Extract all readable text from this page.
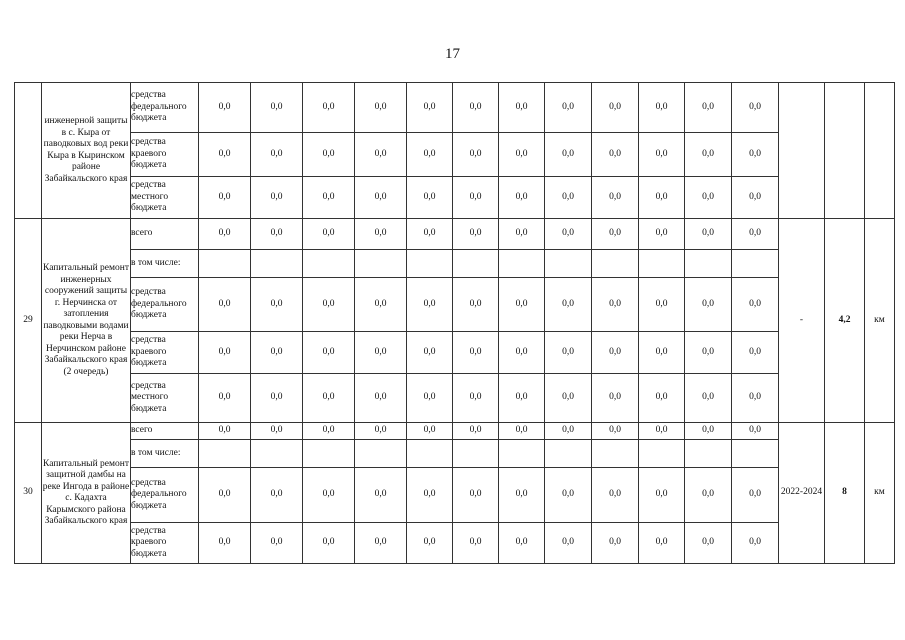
17
	инженерной защиты в с. Кыра от паводковых вод реки Кыра в Кыринском районе Забайкальского края	средства федерального бюджета	0,0	0,0	0,0	0,0	0,0	0,0	0,0	0,0	0,0	0,0	0,0	0,0			
		средства краевого бюджета	0,0	0,0	0,0	0,0	0,0	0,0	0,0	0,0	0,0	0,0	0,0	0,0			
		средства местного бюджета	0,0	0,0	0,0	0,0	0,0	0,0	0,0	0,0	0,0	0,0	0,0	0,0			
29	Капитальный ремонт инженерных сооружений защиты г. Нерчинска от затопления паводковыми водами реки Нерча в Нерчинском районе Забайкальского края (2 очередь)	всего	0,0	0,0	0,0	0,0	0,0	0,0	0,0	0,0	0,0	0,0	0,0	0,0	-	4,2	км
		в том числе:															
		средства федерального бюджета	0,0	0,0	0,0	0,0	0,0	0,0	0,0	0,0	0,0	0,0	0,0	0,0			
		средства краевого бюджета	0,0	0,0	0,0	0,0	0,0	0,0	0,0	0,0	0,0	0,0	0,0	0,0			
		средства местного бюджета	0,0	0,0	0,0	0,0	0,0	0,0	0,0	0,0	0,0	0,0	0,0	0,0			
30	Капитальный ремонт защитной дамбы на реке Ингода в районе с. Кадахта Карымского района Забайкальского края	всего	0,0	0,0	0,0	0,0	0,0	0,0	0,0	0,0	0,0	0,0	0,0	0,0	2022-2024	8	км
		в том числе:															
		средства федерального бюджета	0,0	0,0	0,0	0,0	0,0	0,0	0,0	0,0	0,0	0,0	0,0	0,0			
		средства краевого бюджета	0,0	0,0	0,0	0,0	0,0	0,0	0,0	0,0	0,0	0,0	0,0	0,0			
